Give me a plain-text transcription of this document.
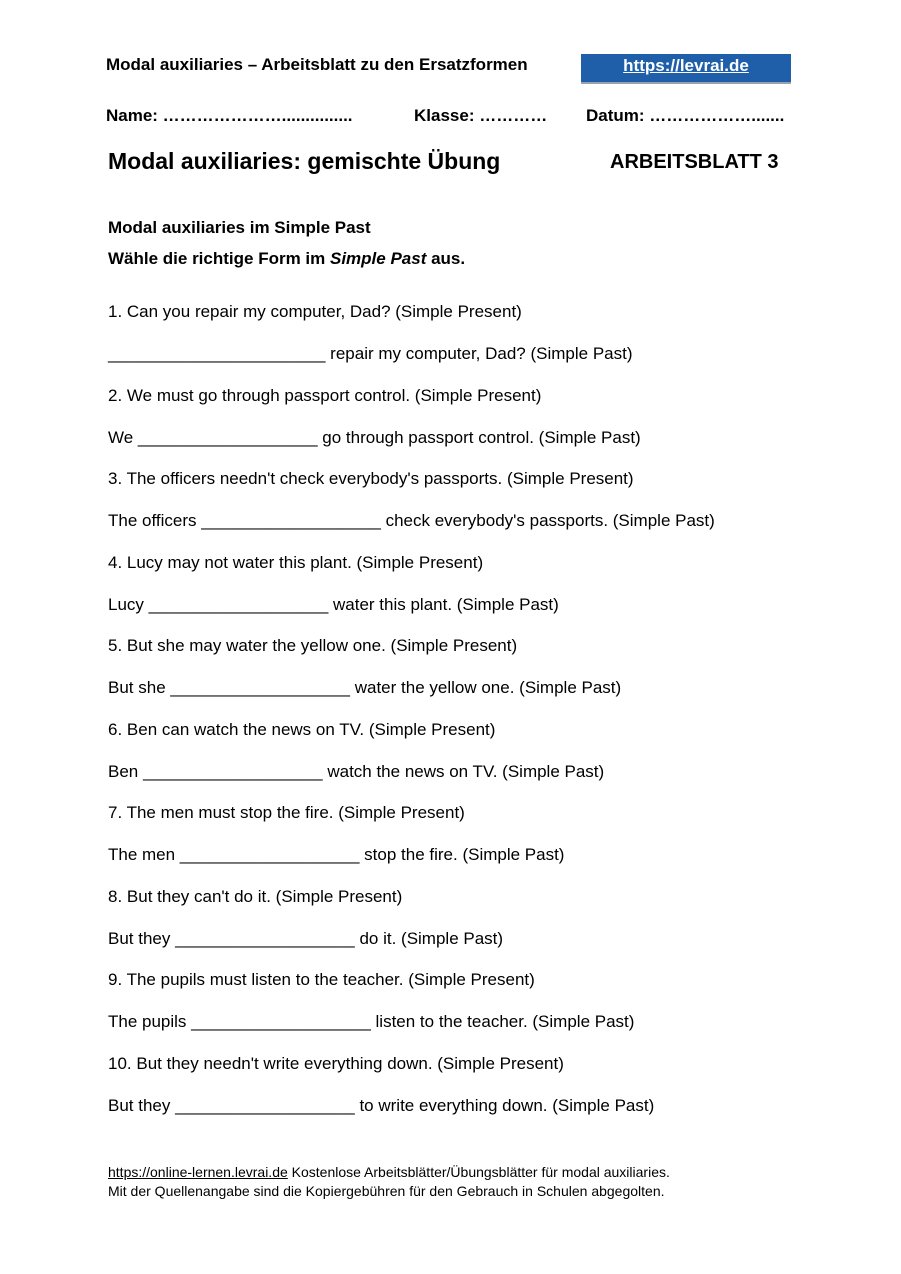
Modal auxiliaries – Arbeitsblatt zu den Ersatzformen	https://levrai.de
Name: …………………...............	Klasse: ………… Datum: ……………….......
Modal auxiliaries: gemischte Übung	ARBEITSBLATT 3
Modal auxiliaries im Simple Past
Wähle die richtige Form im Simple Past aus.
1. Can you repair my computer, Dad? (Simple Present)
_______________________ repair my computer, Dad? (Simple Past)
2. We must go through passport control. (Simple Present)
We ___________________ go through passport control. (Simple Past)
3. The officers needn't check everybody's passports. (Simple Present)
The officers ___________________ check everybody's passports. (Simple Past)
4. Lucy may not water this plant. (Simple Present)
Lucy ___________________ water this plant. (Simple Past)
5. But she may water the yellow one. (Simple Present)
But she ___________________ water the yellow one. (Simple Past)
6. Ben can watch the news on TV. (Simple Present)
Ben ___________________ watch the news on TV. (Simple Past)
7. The men must stop the fire. (Simple Present)
The men ___________________ stop the fire. (Simple Past)
8. But they can't do it. (Simple Present)
But they ___________________ do it. (Simple Past)
9. The pupils must listen to the teacher. (Simple Present)
The pupils ___________________ listen to the teacher. (Simple Past)
10. But they needn't write everything down. (Simple Present)
But they ___________________ to write everything down. (Simple Past)
https://online-lernen.levrai.de Kostenlose Arbeitsblätter/Übungsblätter für modal auxiliaries.
Mit der Quellenangabe sind die Kopiergebühren für den Gebrauch in Schulen abgegolten.
